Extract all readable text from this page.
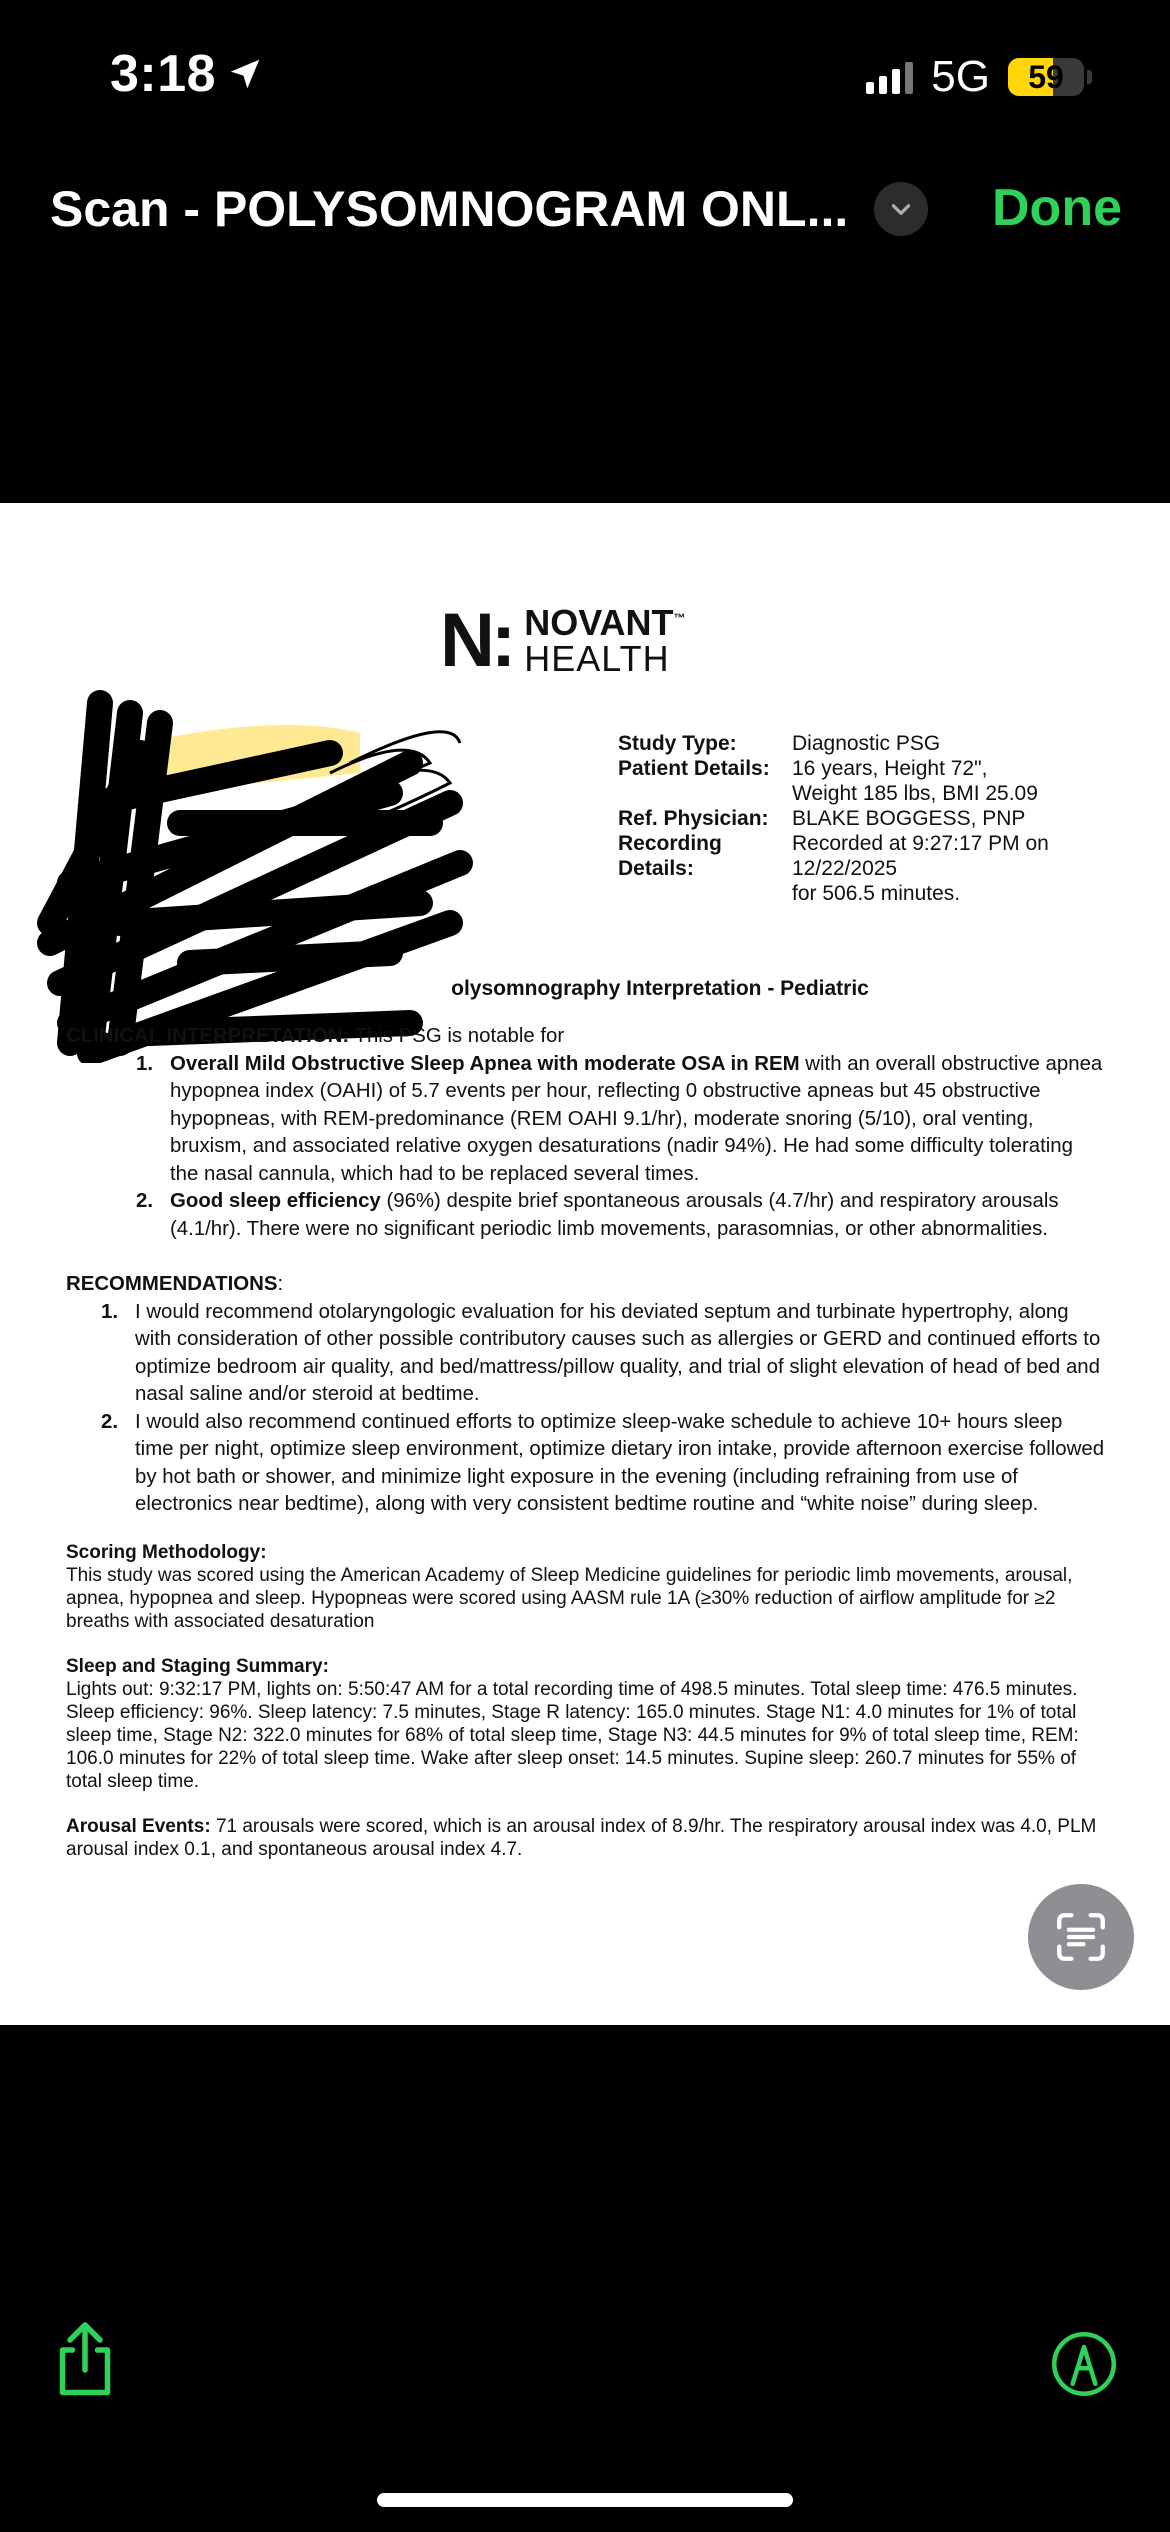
3:18	5G 59
Scan - POLYSOMNOGRAM ONL...	Done
N: NOVANT™
HEALTH
Study Type:	Diagnostic PSG
Patient Details:	16 years, Height 72",
Weight 185 lbs, BMI 25.09
Ref. Physician:	BLAKE BOGGESS, PNP
Recording	Recorded at 9:27:17 PM on
Details:	12/22/2025
for 506.5 minutes.
olysomnography Interpretation - Pediatric

CLINICAL INTERPRETATION: This PSG is notable for

1. Overall Mild Obstructive Sleep Apnea with moderate OSA in REM with an overall obstructive apnea hypopnea index (OAHI) of 5.7 events per hour, reflecting 0 obstructive apneas but 45 obstructive hypopneas, with REM-predominance (REM OAHI 9.1/hr), moderate snoring (5/10), oral venting, bruxism, and associated relative oxygen desaturations (nadir 94%). He had some difficulty tolerating the nasal cannula, which had to be replaced several times.
2. Good sleep efficiency (96%) despite brief spontaneous arousals (4.7/hr) and respiratory arousals (4.1/hr). There were no significant periodic limb movements, parasomnias, or other abnormalities.

RECOMMENDATIONS:

1. I would recommend otolaryngologic evaluation for his deviated septum and turbinate hypertrophy, along with consideration of other possible contributory causes such as allergies or GERD and continued efforts to optimize bedroom air quality, and bed/mattress/pillow quality, and trial of slight elevation of head of bed and nasal saline and/or steroid at bedtime.
2. I would also recommend continued efforts to optimize sleep-wake schedule to achieve 10+ hours sleep time per night, optimize sleep environment, optimize dietary iron intake, provide afternoon exercise followed by hot bath or shower, and minimize light exposure in the evening (including refraining from use of electronics near bedtime), along with very consistent bedtime routine and “white noise” during sleep.
Scoring Methodology:
This study was scored using the American Academy of Sleep Medicine guidelines for periodic limb movements, arousal, apnea, hypopnea and sleep. Hypopneas were scored using AASM rule 1A (≥30% reduction of airflow amplitude for ≥2 breaths with associated desaturation
Sleep and Staging Summary:
Lights out: 9:32:17 PM, lights on: 5:50:47 AM for a total recording time of 498.5 minutes. Total sleep time: 476.5 minutes. Sleep efficiency: 96%. Sleep latency: 7.5 minutes, Stage R latency: 165.0 minutes. Stage N1: 4.0 minutes for 1% of total sleep time, Stage N2: 322.0 minutes for 68% of total sleep time, Stage N3: 44.5 minutes for 9% of total sleep time, REM: 106.0 minutes for 22% of total sleep time. Wake after sleep onset: 14.5 minutes. Supine sleep: 260.7 minutes for 55% of total sleep time.
Arousal Events: 71 arousals were scored, which is an arousal index of 8.9/hr. The respiratory arousal index was 4.0, PLM arousal index 0.1, and spontaneous arousal index 4.7.
